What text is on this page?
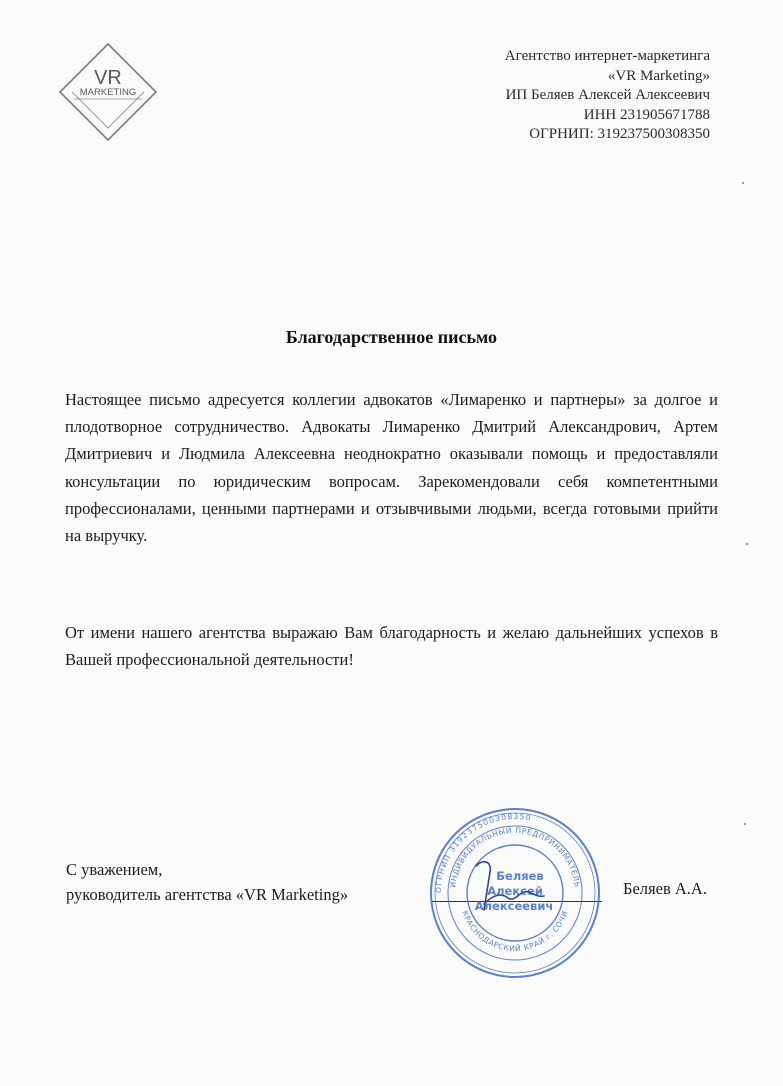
VR
MARKETING
Агентство интернет-маркетинга
«VR Marketing»
ИП Беляев Алексей Алексеевич
ИНН 231905671788
ОГРНИП: 319237500308350
Благодарственное письмо
Настоящее письмо адресуется коллегии адвокатов «Лимаренко и партнеры» за долгое и плодотворное сотрудничество. Адвокаты Лимаренко Дмитрий Александрович, Артем Дмитриевич и Людмила Алексеевна неоднократно оказывали помощь и предоставляли консультации по юридическим вопросам. Зарекомендовали себя компетентными профессионалами, ценными партнерами и отзывчивыми людьми, всегда готовыми прийти на выручку.
От имени нашего агентства выражаю Вам благодарность и желаю дальнейших успехов в Вашей профессиональной деятельности!
С уважением,
руководитель агентства «VR Marketing»	ОГРНИП 319237500308350
ИНДИВИДУАЛЬНЫЙ ПРЕДПРИНИМАТЕЛЬ
КРАСНОДАРСКИЙ КРАЙ г. СОЧИ
Беляев
Алексей
Алексеевич
Беляев А.А.
